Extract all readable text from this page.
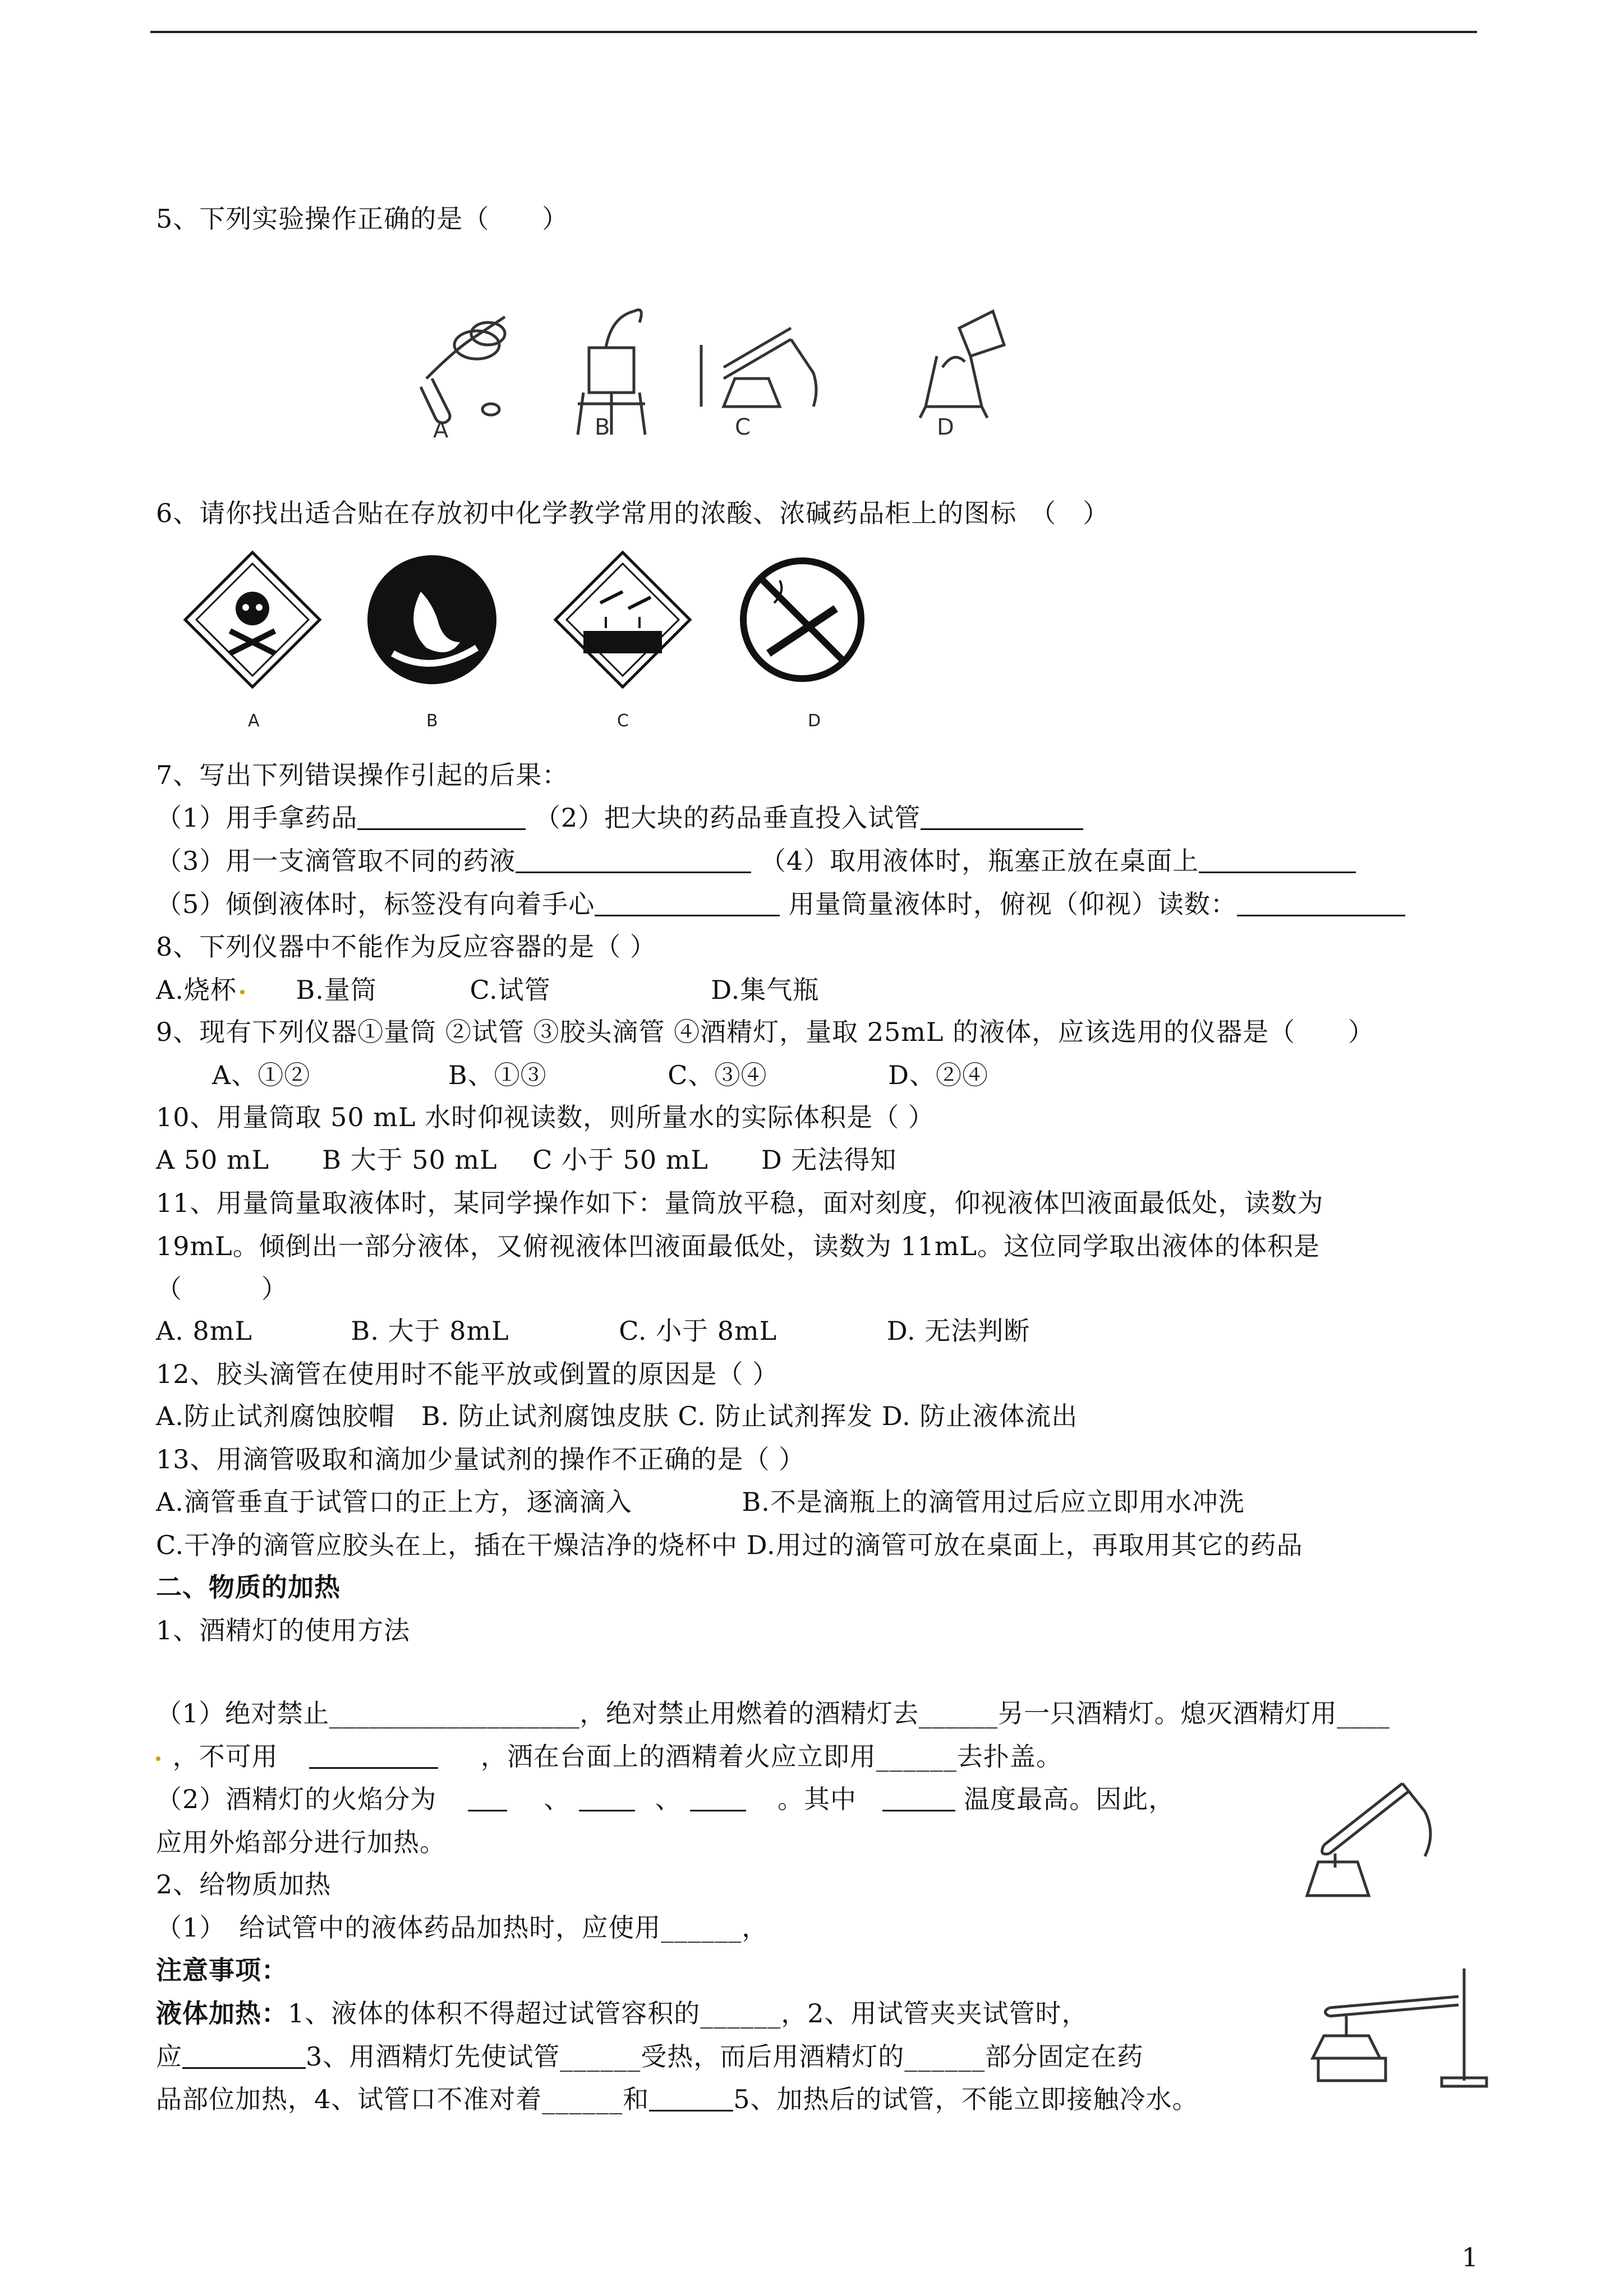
5、下列实验操作正确的是（　　）
A	B	C	D
6、请你找出适合贴在存放初中化学教学常用的浓酸、浓碱药品柜上的图标　（　）
A	B	C	D
7、写出下列错误操作引起的后果：
（1）用手拿药品	（2）把大块的药品垂直投入试管
（3）用一支滴管取不同的药液	（4）取用液体时，瓶塞正放在桌面上
（5）倾倒液体时，标签没有向着手心	用量筒量液体时，俯视（仰视）读数：
8、下列仪器中不能作为反应容器的是（ ）
A.烧杯 B.量筒	C.试管	D.集气瓶
9、现有下列仪器①量筒 ②试管 ③胶头滴管 ④酒精灯，量取 25mL 的液体，应该选用的仪器是（　　）
A、①②	B、①③	C、③④	D、②④
10、用量筒取 50 mL 水时仰视读数，则所量水的实际体积是（ ）
A 50 mL　　B 大于 50 mL　 C 小于 50 mL　　D 无法得知
11、用量筒量取液体时，某同学操作如下：量筒放平稳，面对刻度，仰视液体凹液面最低处，读数为
19mL。倾倒出一部分液体，又俯视液体凹液面最低处，读数为 11mL。这位同学取出液体的体积是
（　　　）
A. 8mL	B. 大于 8mL	C. 小于 8mL	D. 无法判断
12、胶头滴管在使用时不能平放或倒置的原因是（ ）
A.防止试剂腐蚀胶帽　B. 防止试剂腐蚀皮肤 C. 防止试剂挥发 D. 防止液体流出
13、用滴管吸取和滴加少量试剂的操作不正确的是（ ）
A.滴管垂直于试管口的正上方，逐滴滴入	B.不是滴瓶上的滴管用过后应立即用水冲洗
C.干净的滴管应胶头在上，插在干燥洁净的烧杯中 D.用过的滴管可放在桌面上，再取用其它的药品
二、物质的加热
1、酒精灯的使用方法
（1）绝对禁止___________________，绝对禁止用燃着的酒精灯去______另一只酒精灯。熄灭酒精灯用____
，不可用	，洒在台面上的酒精着火应立即用______去扑盖。
（2）酒精灯的火焰分为	、	、	。其中	温度最高。因此，
应用外焰部分进行加热。
2、给物质加热
（1）　给试管中的液体药品加热时，应使用______，
注意事项：
液体加热：1、液体的体积不得超过试管容积的______，2、用试管夹夹试管时，
应	3、用酒精灯先使试管______受热，而后用酒精灯的______部分固定在药
品部位加热，4、试管口不准对着______和	5、加热后的试管，不能立即接触冷水。
1
